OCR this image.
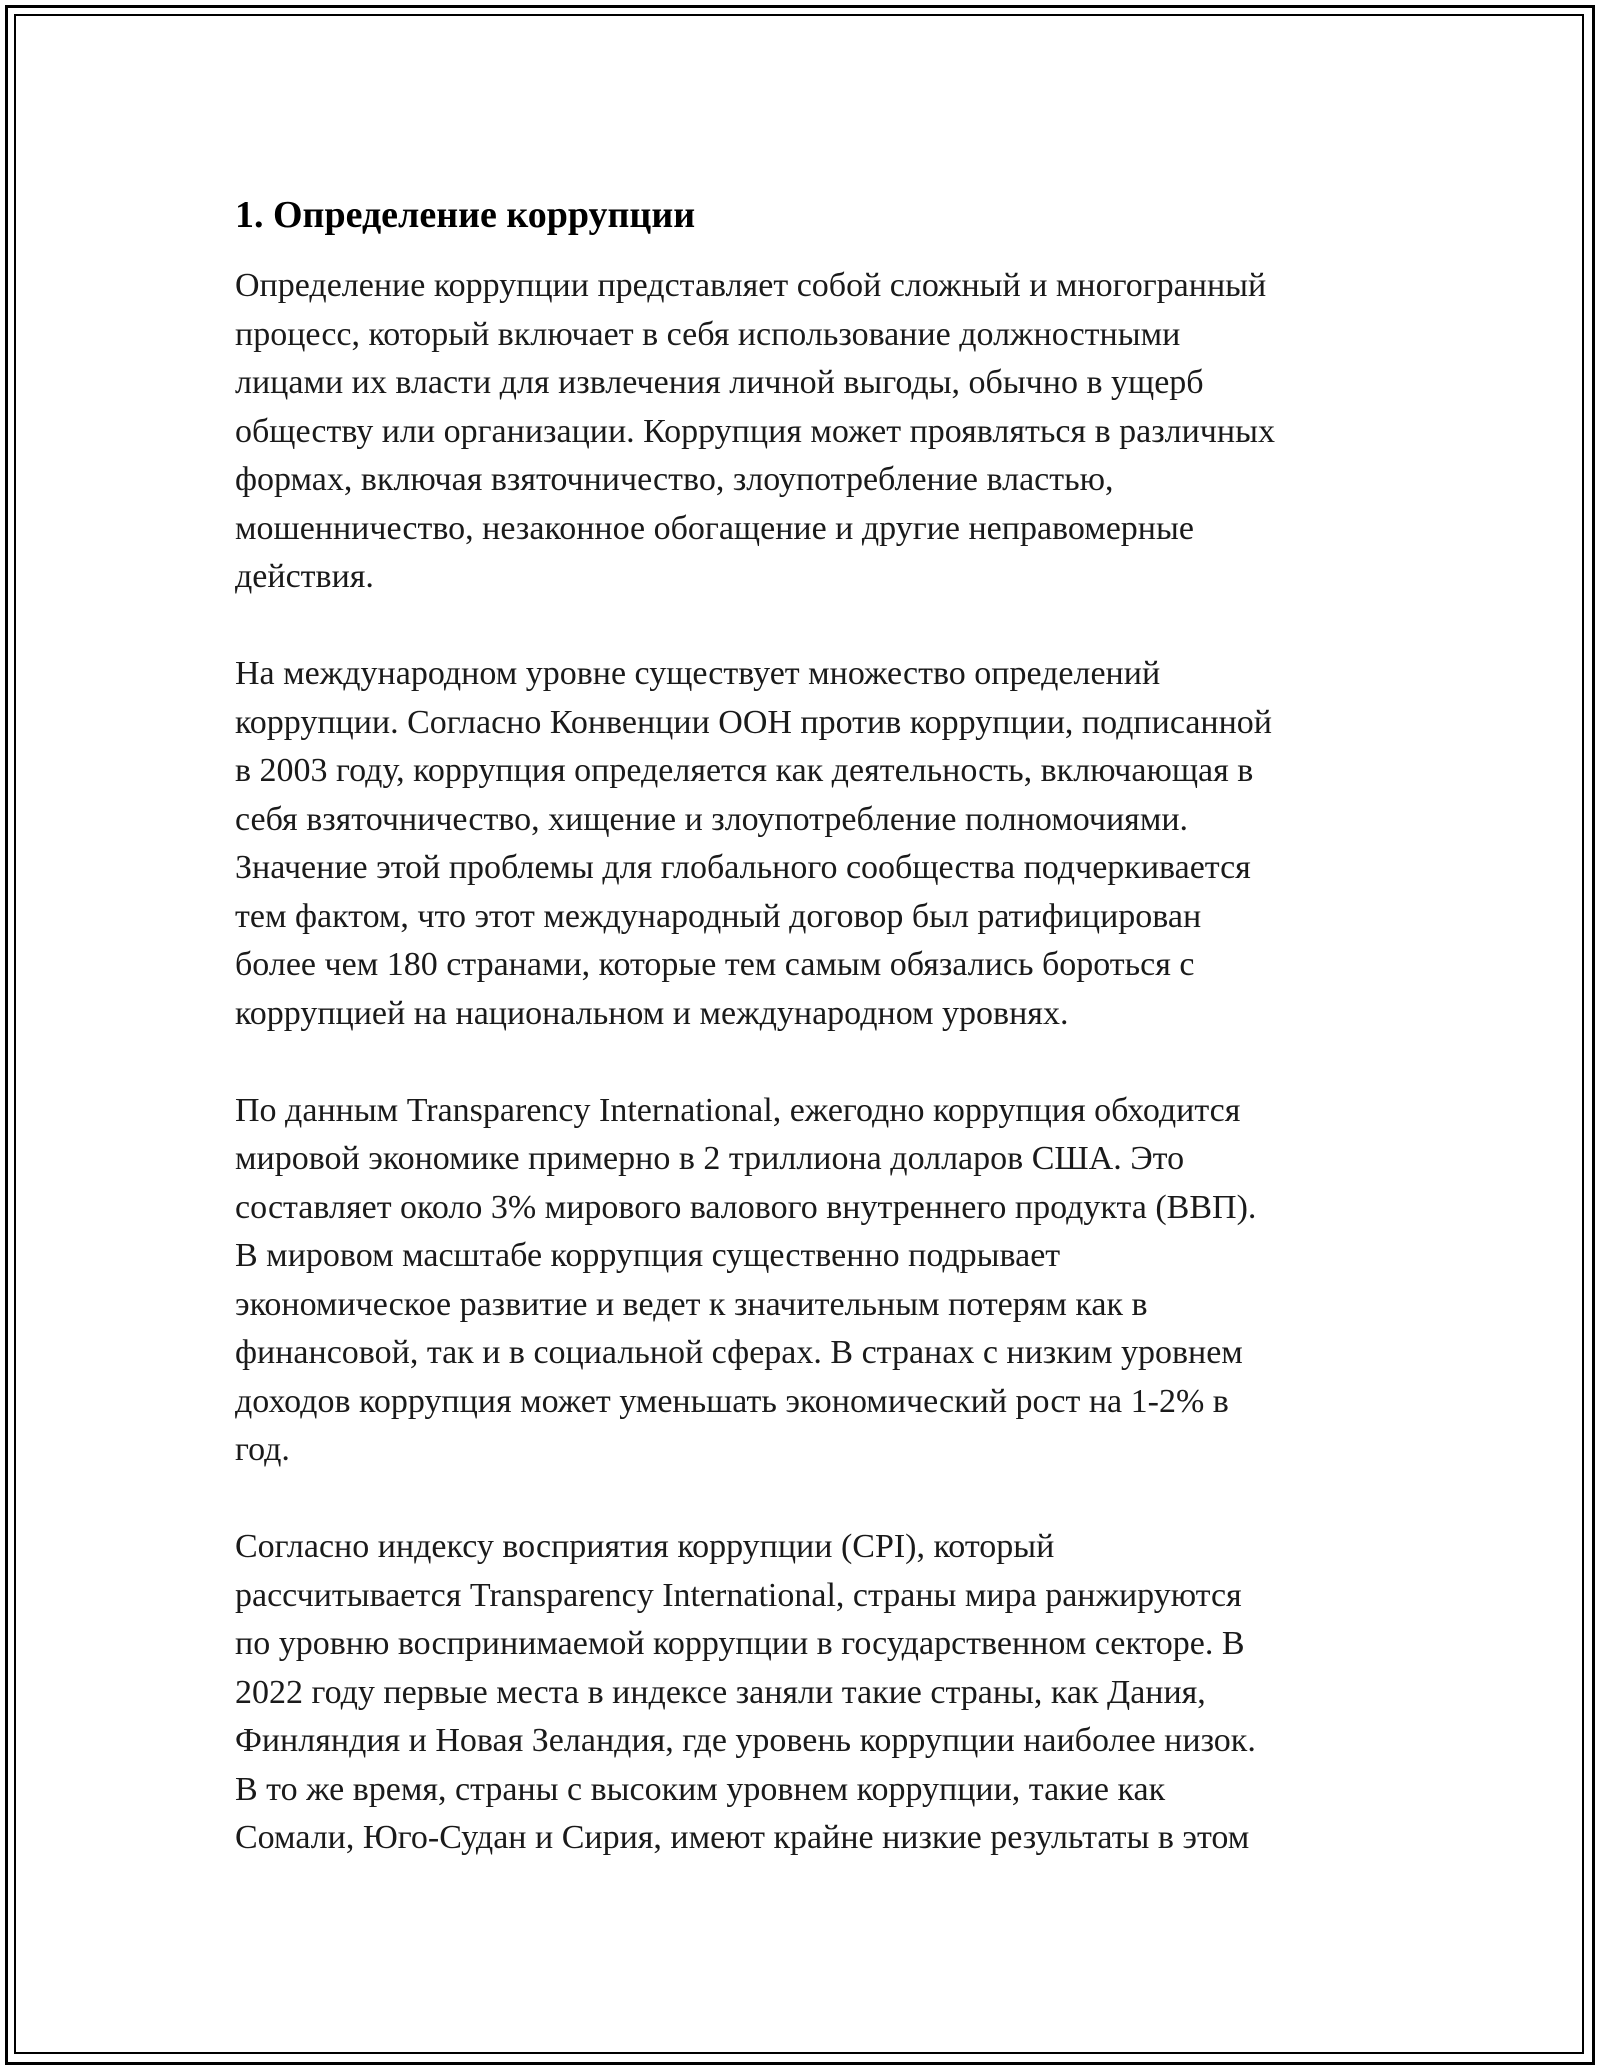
1. Определение коррупции

Определение коррупции представляет собой сложный и многогранный
процесс, который включает в себя использование должностными
лицами их власти для извлечения личной выгоды, обычно в ущерб
обществу или организации. Коррупция может проявляться в различных
формах, включая взяточничество, злоупотребление властью,
мошенничество, незаконное обогащение и другие неправомерные
действия.

На международном уровне существует множество определений
коррупции. Согласно Конвенции ООН против коррупции, подписанной
в 2003 году, коррупция определяется как деятельность, включающая в
себя взяточничество, хищение и злоупотребление полномочиями.
Значение этой проблемы для глобального сообщества подчеркивается
тем фактом, что этот международный договор был ратифицирован
более чем 180 странами, которые тем самым обязались бороться с
коррупцией на национальном и международном уровнях.

По данным Transparency International, ежегодно коррупция обходится
мировой экономике примерно в 2 триллиона долларов США. Это
составляет около 3% мирового валового внутреннего продукта (ВВП).
В мировом масштабе коррупция существенно подрывает
экономическое развитие и ведет к значительным потерям как в
финансовой, так и в социальной сферах. В странах с низким уровнем
доходов коррупция может уменьшать экономический рост на 1-2% в
год.

Согласно индексу восприятия коррупции (CPI), который
рассчитывается Transparency International, страны мира ранжируются
по уровню воспринимаемой коррупции в государственном секторе. В
2022 году первые места в индексе заняли такие страны, как Дания,
Финляндия и Новая Зеландия, где уровень коррупции наиболее низок.
В то же время, страны с высоким уровнем коррупции, такие как
Сомали, Юго-Судан и Сирия, имеют крайне низкие результаты в этом
